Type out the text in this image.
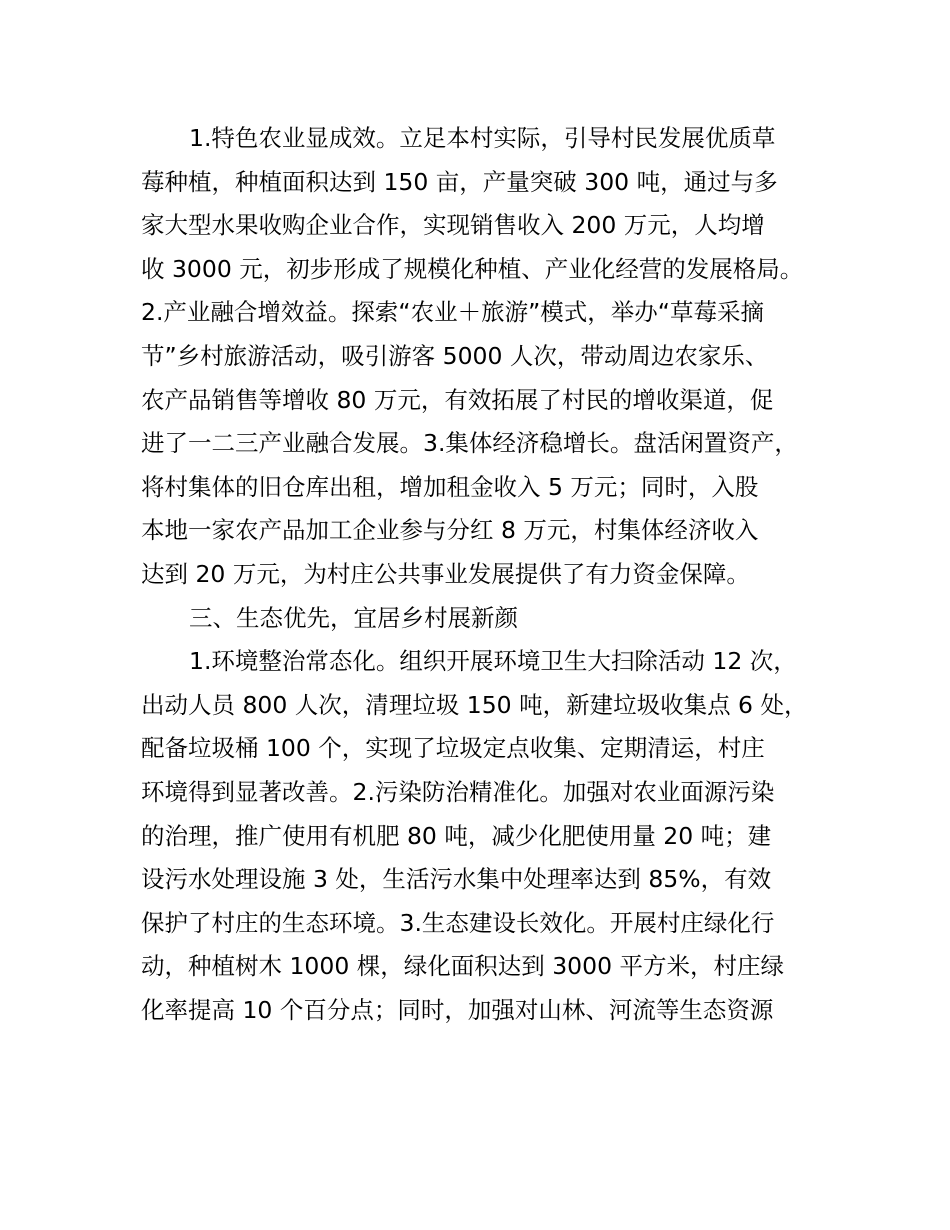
1.特色农业显成效。立足本村实际，引导村民发展优质草
莓种植，种植面积达到 150 亩，产量突破 300 吨，通过与多
家大型水果收购企业合作，实现销售收入 200 万元，人均增
收 3000 元，初步形成了规模化种植、产业化经营的发展格局。
2.产业融合增效益。探索“农业＋旅游”模式，举办“草莓采摘
节”乡村旅游活动，吸引游客 5000 人次，带动周边农家乐、
农产品销售等增收 80 万元，有效拓展了村民的增收渠道，促
进了一二三产业融合发展。3.集体经济稳增长。盘活闲置资产，
将村集体的旧仓库出租，增加租金收入 5 万元；同时，入股
本地一家农产品加工企业参与分红 8 万元，村集体经济收入
达到 20 万元，为村庄公共事业发展提供了有力资金保障。
三、生态优先，宜居乡村展新颜
1.环境整治常态化。组织开展环境卫生大扫除活动 12 次，
出动人员 800 人次，清理垃圾 150 吨，新建垃圾收集点 6 处，
配备垃圾桶 100 个，实现了垃圾定点收集、定期清运，村庄
环境得到显著改善。2.污染防治精准化。加强对农业面源污染
的治理，推广使用有机肥 80 吨，减少化肥使用量 20 吨；建
设污水处理设施 3 处，生活污水集中处理率达到 85%，有效
保护了村庄的生态环境。3.生态建设长效化。开展村庄绿化行
动，种植树木 1000 棵，绿化面积达到 3000 平方米，村庄绿
化率提高 10 个百分点；同时，加强对山林、河流等生态资源
